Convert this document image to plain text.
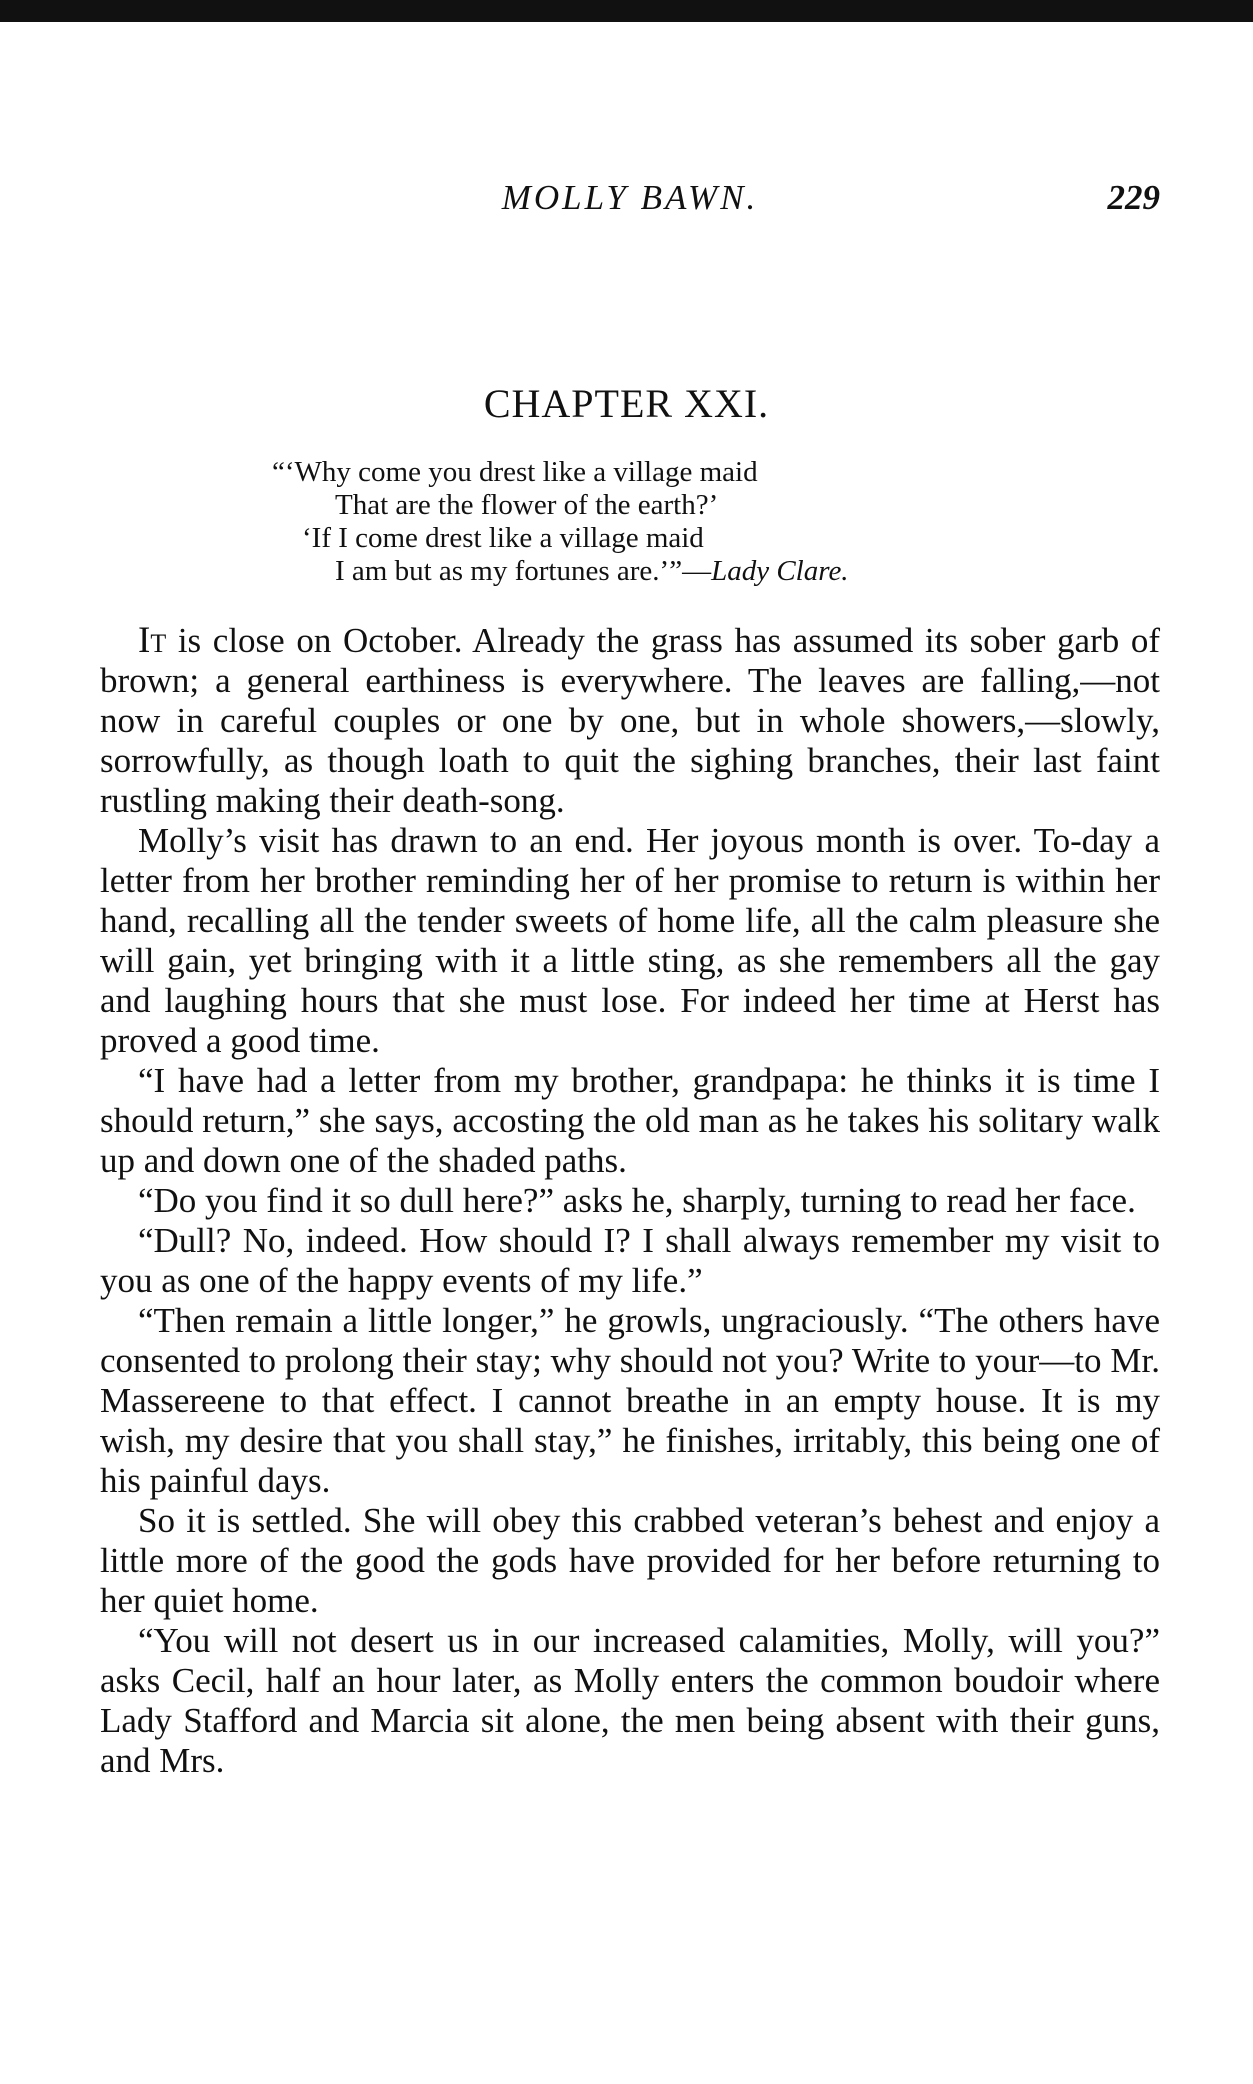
MOLLY BAWN.	229
CHAPTER XXI.
“‘Why come you drest like a village maid
That are the flower of the earth?’
‘If I come drest like a village maid
I am but as my fortunes are.’”—Lady Clare.

It is close on October. Already the grass has assumed its sober garb of brown; a general earthiness is everywhere. The leaves are falling,—not now in careful couples or one by one, but in whole showers,—slowly, sorrowfully, as though loath to quit the sighing branches, their last faint rustling making their death-song.

Molly’s visit has drawn to an end. Her joyous month is over. To-day a letter from her brother reminding her of her promise to return is within her hand, recalling all the tender sweets of home life, all the calm pleasure she will gain, yet bringing with it a little sting, as she remembers all the gay and laughing hours that she must lose. For indeed her time at Herst has proved a good time.

“I have had a letter from my brother, grandpapa: he thinks it is time I should return,” she says, accosting the old man as he takes his solitary walk up and down one of the shaded paths.

“Do you find it so dull here?” asks he, sharply, turning to read her face.

“Dull? No, indeed. How should I? I shall always remember my visit to you as one of the happy events of my life.”

“Then remain a little longer,” he growls, ungraciously. “The others have consented to prolong their stay; why should not you? Write to your—to Mr. Massereene to that effect. I cannot breathe in an empty house. It is my wish, my desire that you shall stay,” he finishes, irritably, this being one of his painful days.

So it is settled. She will obey this crabbed veteran’s behest and enjoy a little more of the good the gods have provided for her before returning to her quiet home.

“You will not desert us in our increased calamities, Molly, will you?” asks Cecil, half an hour later, as Molly enters the common boudoir where Lady Stafford and Marcia sit alone, the men being absent with their guns, and Mrs.
